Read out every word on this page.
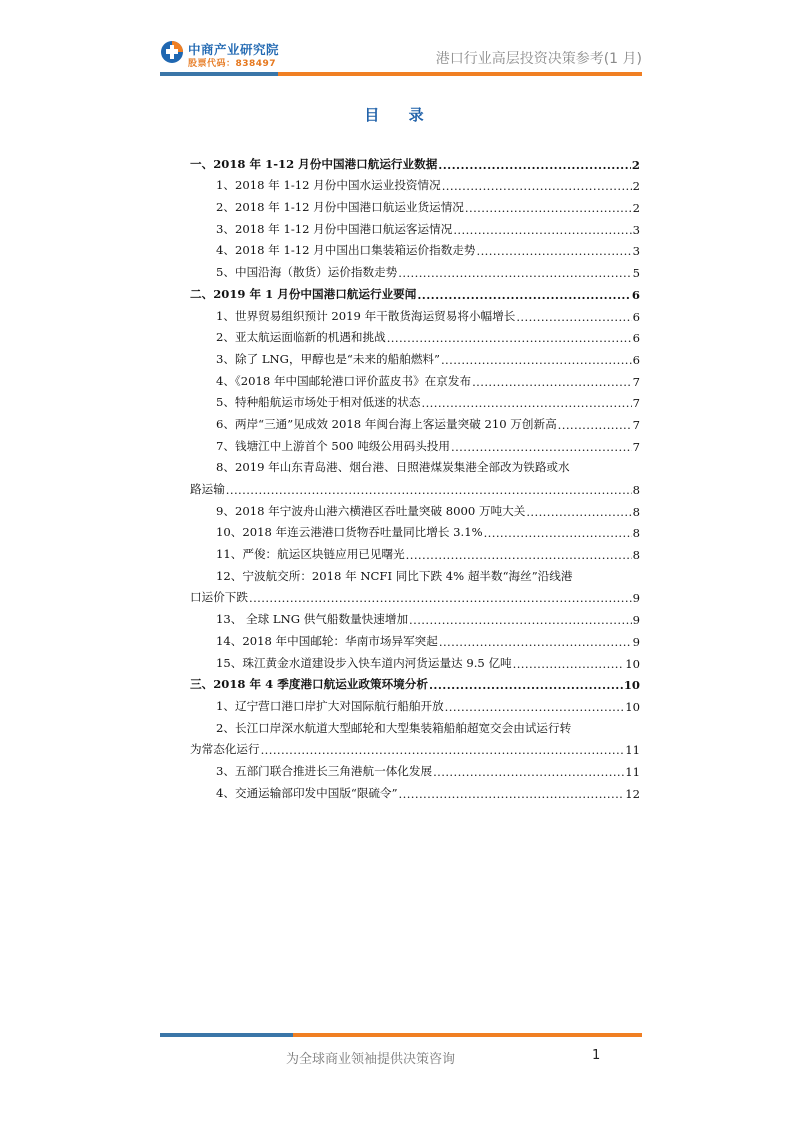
中商产业研究院
股票代码：838497	港口行业高层投资决策参考(1 月)
目 录
一、2018 年 1-12 月份中国港口航运行业数据 .....	2
1、2018 年 1-12 月份中国水运业投资情况 .....	2
2、2018 年 1-12 月份中国港口航运业货运情况 .....	2
3、2018 年 1-12 月份中国港口航运客运情况 .....	3
4、2018 年 1-12 月中国出口集装箱运价指数走势 .....	3
5、中国沿海（散货）运价指数走势 .....	5
二、2019 年 1 月份中国港口航运行业要闻 .....	6
1、世界贸易组织预计 2019 年干散货海运贸易将小幅增长 .....	6
2、亚太航运面临新的机遇和挑战 .....	6
3、除了 LNG，甲醇也是“未来的船舶燃料” .....	6
4、《2018 年中国邮轮港口评价蓝皮书》在京发布 .....	7
5、特种船航运市场处于相对低迷的状态 .....	7
6、两岸“三通”见成效 2018 年闽台海上客运量突破 210 万创新高 .....	7
7、钱塘江中上游首个 500 吨级公用码头投用 .....	7
8、2019 年山东青岛港、烟台港、日照港煤炭集港全部改为铁路或水
路运输 .....	8
9、2018 年宁波舟山港六横港区吞吐量突破 8000 万吨大关 .....	8
10、2018 年连云港港口货物吞吐量同比增长 3.1% .....	8
11、严俊：航运区块链应用已见曙光 .....	8
12、宁波航交所：2018 年 NCFI 同比下跌 4% 超半数“海丝”沿线港
口运价下跌 .....	9
13、 全球 LNG 供气船数量快速增加 .....	9
14、2018 年中国邮轮：华南市场异军突起 .....	9
15、珠江黄金水道建设步入快车道内河货运量达 9.5 亿吨 .....	10
三、2018 年 4 季度港口航运业政策环境分析 .....	10
1、辽宁营口港口岸扩大对国际航行船舶开放 .....	10
2、长江口岸深水航道大型邮轮和大型集装箱船舶超宽交会由试运行转
为常态化运行 .....	11
3、五部门联合推进长三角港航一体化发展 .....	11
4、交通运输部印发中国版“限硫令” .....	12
为全球商业领袖提供决策咨询	1
